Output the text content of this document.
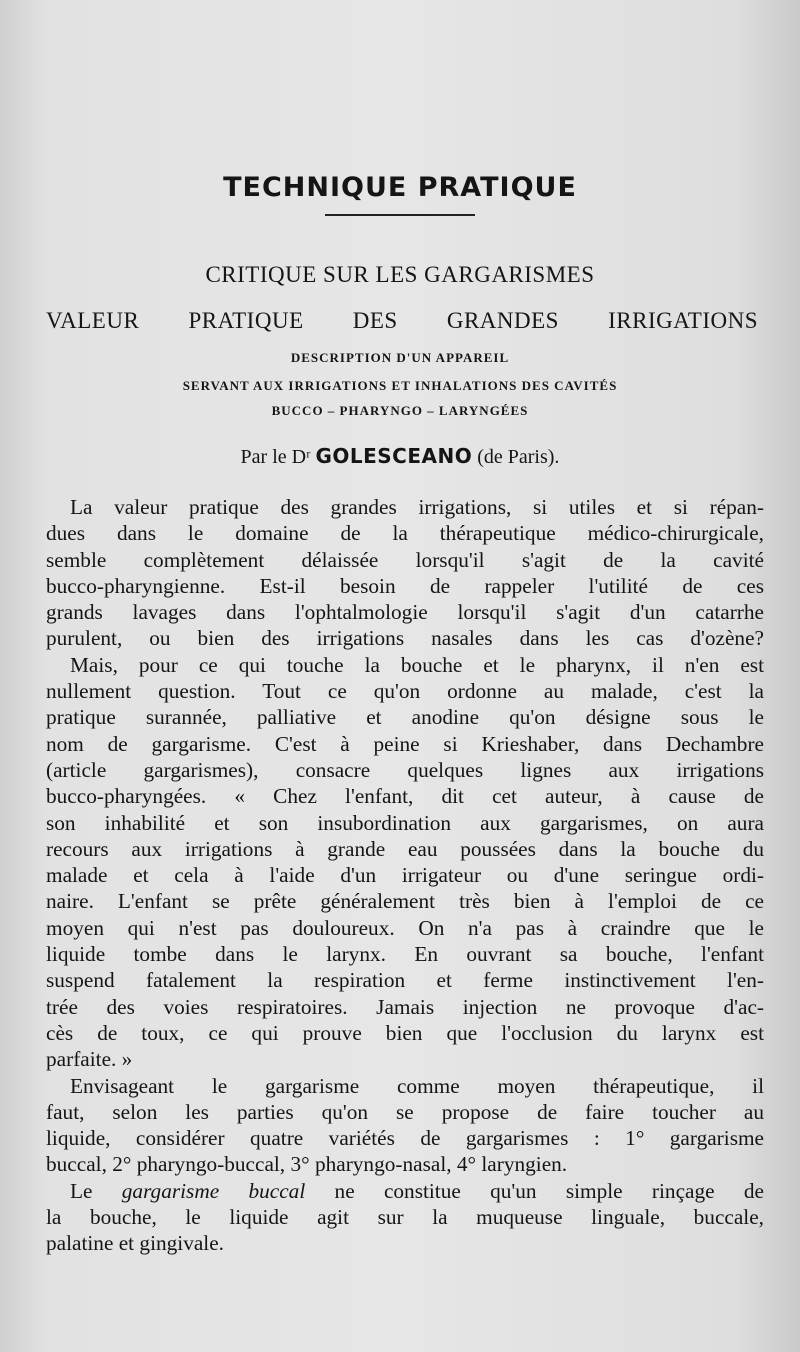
TECHNIQUE PRATIQUE
CRITIQUE SUR LES GARGARISMES
VALEUR PRATIQUE DES GRANDES IRRIGATIONS
DESCRIPTION D'UN APPAREIL
SERVANT AUX IRRIGATIONS ET INHALATIONS DES CAVITÉS
BUCCO – PHARYNGO – LARYNGÉES
Par le Dʳ GOLESCEANO (de Paris).
La valeur pratique des grandes irrigations, si utiles et si répan-
dues dans le domaine de la thérapeutique médico-chirurgicale,
semble complètement délaissée lorsqu'il s'agit de la cavité
bucco-pharyngienne. Est-il besoin de rappeler l'utilité de ces
grands lavages dans l'ophtalmologie lorsqu'il s'agit d'un catarrhe
purulent, ou bien des irrigations nasales dans les cas d'ozène?
Mais, pour ce qui touche la bouche et le pharynx, il n'en est
nullement question. Tout ce qu'on ordonne au malade, c'est la
pratique surannée, palliative et anodine qu'on désigne sous le
nom de gargarisme. C'est à peine si Krieshaber, dans Dechambre
(article gargarismes), consacre quelques lignes aux irrigations
bucco-pharyngées. « Chez l'enfant, dit cet auteur, à cause de
son inhabilité et son insubordination aux gargarismes, on aura
recours aux irrigations à grande eau poussées dans la bouche du
malade et cela à l'aide d'un irrigateur ou d'une seringue ordi-
naire. L'enfant se prête généralement très bien à l'emploi de ce
moyen qui n'est pas douloureux. On n'a pas à craindre que le
liquide tombe dans le larynx. En ouvrant sa bouche, l'enfant
suspend fatalement la respiration et ferme instinctivement l'en-
trée des voies respiratoires. Jamais injection ne provoque d'ac-
cès de toux, ce qui prouve bien que l'occlusion du larynx est
parfaite. »
Envisageant le gargarisme comme moyen thérapeutique, il
faut, selon les parties qu'on se propose de faire toucher au
liquide, considérer quatre variétés de gargarismes : 1° gargarisme
buccal, 2° pharyngo-buccal, 3° pharyngo-nasal, 4° laryngien.
Le gargarisme buccal ne constitue qu'un simple rinçage de
la bouche, le liquide agit sur la muqueuse linguale, buccale,
palatine et gingivale.
